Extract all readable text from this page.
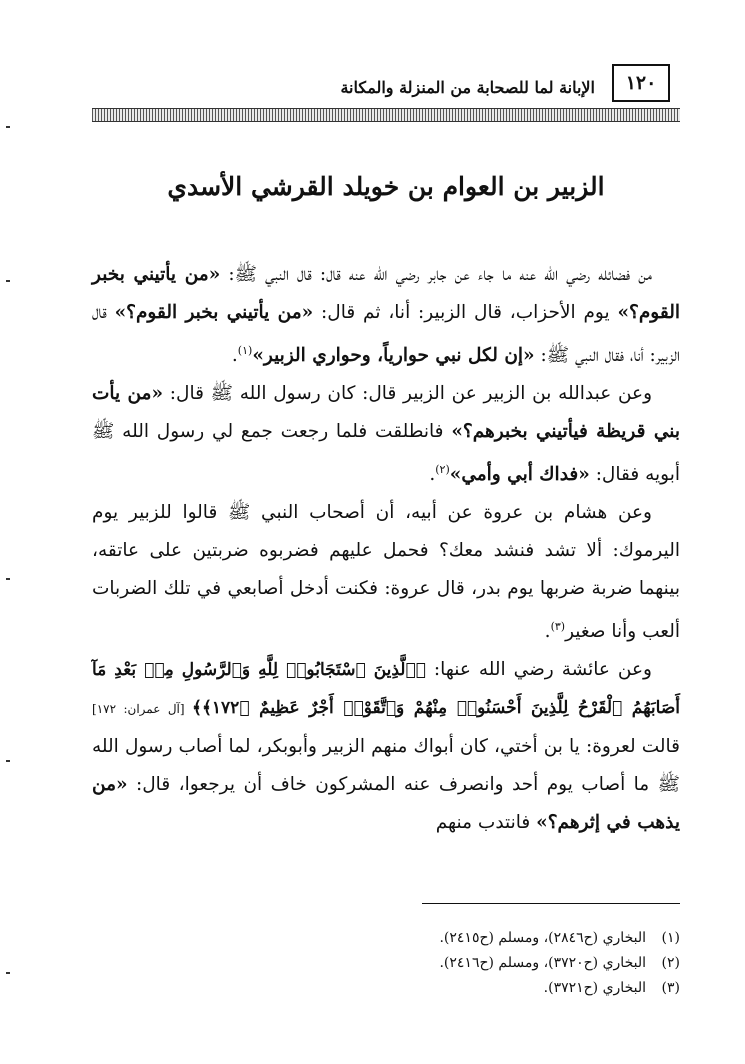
١٢٠
الإبانة لما للصحابة من المنزلة والمكانة
الزبير بن العوام بن خويلد القرشي الأسدي

من فضائله رضي الله عنه ما جاء عن جابر رضي الله عنه قال: قال النبي ﷺ: «من يأتيني بخبر القوم؟» يوم الأحزاب، قال الزبير: أنا، ثم قال: «من يأتيني بخبر القوم؟» قال الزبير: أنا، فقال النبي ﷺ: «إن لكل نبي حوارياً، وحواري الزبير»$^{(١)}$.

وعن عبدالله بن الزبير عن الزبير قال: كان رسول الله ﷺ قال: «من يأت بني قريظة فيأتيني بخبرهم؟» فانطلقت فلما رجعت جمع لي رسول الله ﷺ أبويه فقال: «فداك أبي وأمي»$^{(٢)}$.

وعن هشام بن عروة عن أبيه، أن أصحاب النبي ﷺ قالوا للزبير يوم اليرموك: ألا تشد فنشد معك؟ فحمل عليهم فضربوه ضربتين على عاتقه، بينهما ضربة ضربها يوم بدر، قال عروة: فكنت أدخل أصابعي في تلك الضربات ألعب وأنا صغير$^{(٣)}$.

وعن عائشة رضي الله عنها: ﴿ٱلَّذِينَ ٱسْتَجَابُوا۟ لِلَّهِ وَٱلرَّسُولِ مِنۢ بَعْدِ مَآ أَصَابَهُمُ ٱلْقَرْحُ لِلَّذِينَ أَحْسَنُوا۟ مِنْهُمْ وَٱتَّقَوْا۟ أَجْرٌ عَظِيمٌ ﴿١٧٢﴾﴾ [آل عمران: ١٧٢] قالت لعروة: يا بن أختي، كان أبواك منهم الزبير وأبوبكر، لما أصاب رسول الله ﷺ ما أصاب يوم أحد وانصرف عنه المشركون خاف أن يرجعوا، قال: «من يذهب في إثرهم؟» فانتدب منهم

(١)البخاري (ح٢٨٤٦)، ومسلم (ح٢٤١٥).

(٢)البخاري (ح٣٧٢٠)، ومسلم (ح٢٤١٦).

(٣)البخاري (ح٣٧٢١).
